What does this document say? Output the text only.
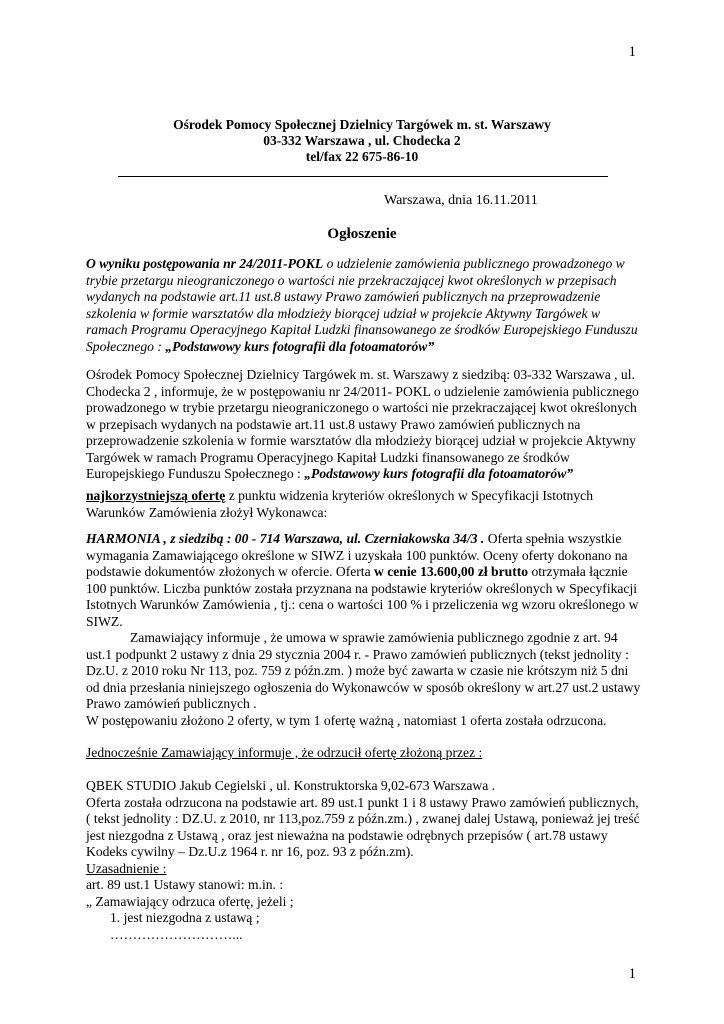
1
Ośrodek Pomocy Społecznej Dzielnicy Targówek m. st. Warszawy
03-332 Warszawa , ul. Chodecka 2
tel/fax 22 675-86-10
Warszawa, dnia 16.11.2011
Ogłoszenie

O wyniku postępowania nr 24/2011-POKL o udzielenie zamówienia publicznego prowadzonego w trybie przetargu nieograniczonego o wartości nie przekraczającej kwot określonych w przepisach wydanych na podstawie art.11 ust.8 ustawy Prawo zamówień publicznych na przeprowadzenie szkolenia w formie warsztatów dla młodzieży biorącej udział w projekcie Aktywny Targówek w ramach Programu Operacyjnego Kapitał Ludzki finansowanego ze środków Europejskiego Funduszu Społecznego : „Podstawowy kurs fotografii dla fotoamatorów”

Ośrodek Pomocy Społecznej Dzielnicy Targówek m. st. Warszawy z siedzibą: 03-332 Warszawa , ul. Chodecka 2 , informuje, że w postępowaniu nr 24/2011- POKL o udzielenie zamówienia publicznego prowadzonego w trybie przetargu nieograniczonego o wartości nie przekraczającej kwot określonych w przepisach wydanych na podstawie art.11 ust.8 ustawy Prawo zamówień publicznych na przeprowadzenie szkolenia w formie warsztatów dla młodzieży biorącej udział w projekcie Aktywny Targówek w ramach Programu Operacyjnego Kapitał Ludzki finansowanego ze środków Europejskiego Funduszu Społecznego : „Podstawowy kurs fotografii dla fotoamatorów”

najkorzystniejszą ofertę z punktu widzenia kryteriów określonych w Specyfikacji Istotnych Warunków Zamówienia złożył Wykonawca:

HARMONIA , z siedzibą : 00 - 714 Warszawa, ul. Czerniakowska 34/3 . Oferta spełnia wszystkie wymagania Zamawiającego określone w SIWZ i uzyskała 100 punktów. Oceny oferty dokonano na podstawie dokumentów złożonych w ofercie. Oferta w cenie 13.600,00 zł brutto otrzymała łącznie 100 punktów. Liczba punktów została przyznana na podstawie kryteriów określonych w Specyfikacji Istotnych Warunków Zamówienia , tj.: cena o wartości 100 % i przeliczenia wg wzoru określonego w SIWZ.

Zamawiający informuje , że umowa w sprawie zamówienia publicznego zgodnie z art. 94 ust.1 podpunkt 2 ustawy z dnia 29 stycznia 2004 r. - Prawo zamówień publicznych (tekst jednolity : Dz.U. z 2010 roku Nr 113, poz. 759 z późn.zm. ) może być zawarta w czasie nie krótszym niż 5 dni od dnia przesłania niniejszego ogłoszenia do Wykonawców w sposób określony w art.27 ust.2 ustawy Prawo zamówień publicznych .

W postępowaniu złożono 2 oferty, w tym 1 ofertę ważną , natomiast 1 oferta została odrzucona.

Jednocześnie Zamawiający informuje , że odrzucił ofertę złożoną przez :

QBEK STUDIO Jakub Cegielski , ul. Konstruktorska 9,02-673 Warszawa .

Oferta została odrzucona na podstawie art. 89 ust.1 punkt 1 i 8 ustawy Prawo zamówień publicznych, ( tekst jednolity : DZ.U. z 2010, nr 113,poz.759 z późn.zm.) , zwanej dalej Ustawą, ponieważ jej treść jest niezgodna z Ustawą , oraz jest nieważna na podstawie odrębnych przepisów ( art.78 ustawy Kodeks cywilny – Dz.U.z 1964 r. nr 16, poz. 93 z późn.zm).

Uzasadnienie :

art. 89 ust.1 Ustawy stanowi: m.in. :

„ Zamawiający odrzuca ofertę, jeżeli ;

1. jest niezgodna z ustawą ;

………………………...

1
